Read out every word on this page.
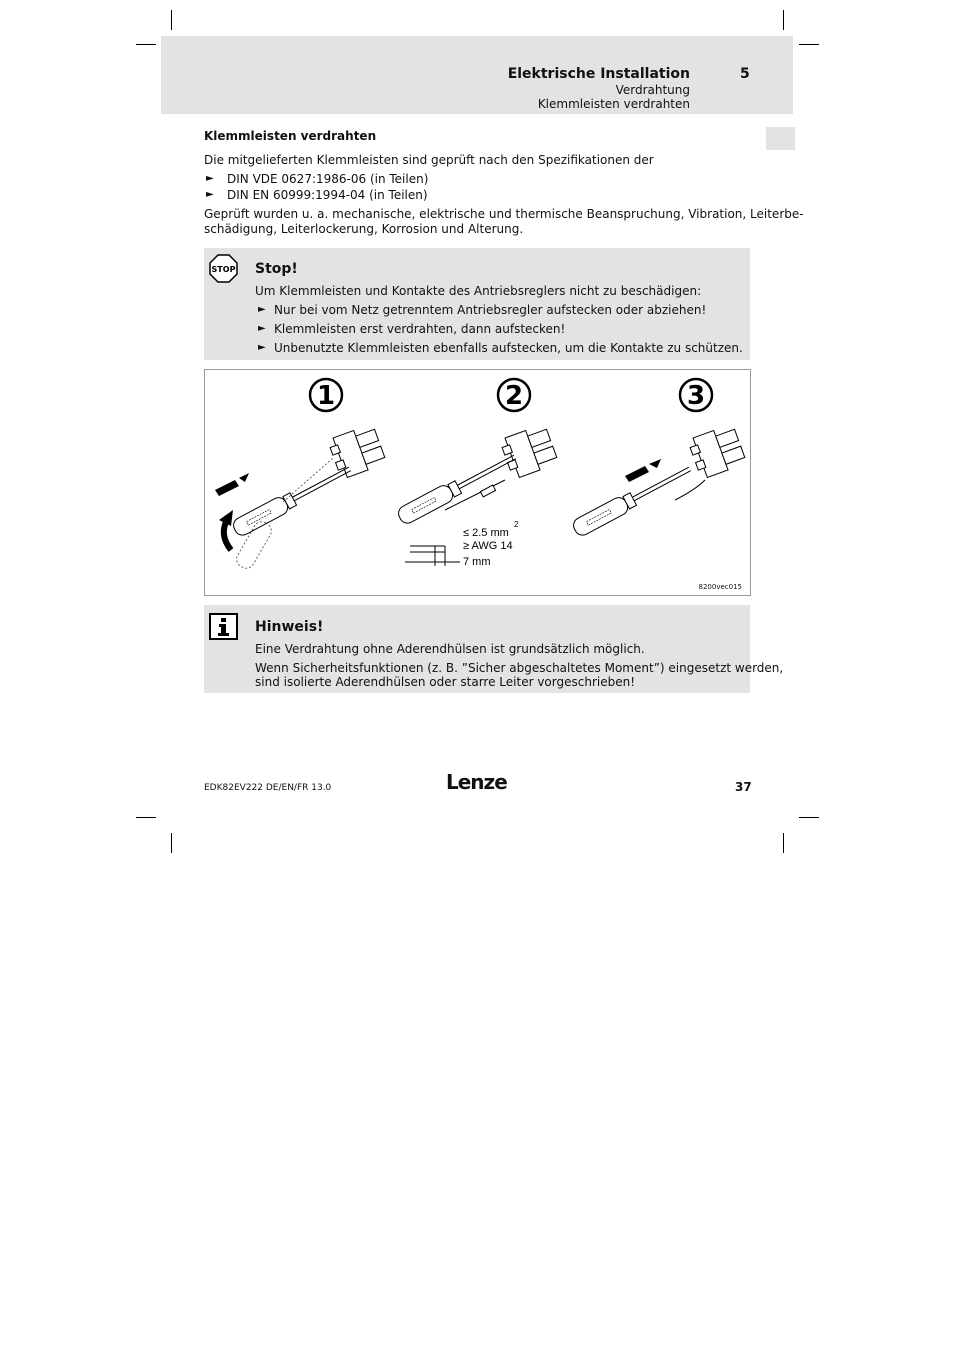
Elektrische Installation	5
Verdrahtung
Klemmleisten verdrahten
Klemmleisten verdrahten
Die mitgelieferten Klemmleisten sind geprüft nach den Spezifikationen der
► DIN VDE 0627:1986-06 (in Teilen)
► DIN EN 60999:1994-04 (in Teilen)
Geprüft wurden u. a. mechanische, elektrische und thermische Beanspruchung, Vibration, Leiterbe-
schädigung, Leiterlockerung, Korrosion und Alterung.
STOP Stop!
Um Klemmleisten und Kontakte des Antriebsreglers nicht zu beschädigen:
► Nur bei vom Netz getrenntem Antriebsregler aufstecken oder abziehen!
► Klemmleisten erst verdrahten, dann aufstecken!
► Unbenutzte Klemmleisten ebenfalls aufstecken, um die Kontakte zu schützen.
1	2	3
≤ 2.5 mm
2
≥ AWG 14
7 mm
8200vec015
Hinweis!
Eine Verdrahtung ohne Aderendhülsen ist grundsätzlich möglich.
Wenn Sicherheitsfunktionen (z. B. ”Sicher abgeschaltetes Moment”) eingesetzt werden,
sind isolierte Aderendhülsen oder starre Leiter vorgeschrieben!
EDK82EV222 DE/EN/FR 13.0	Lenze	37
